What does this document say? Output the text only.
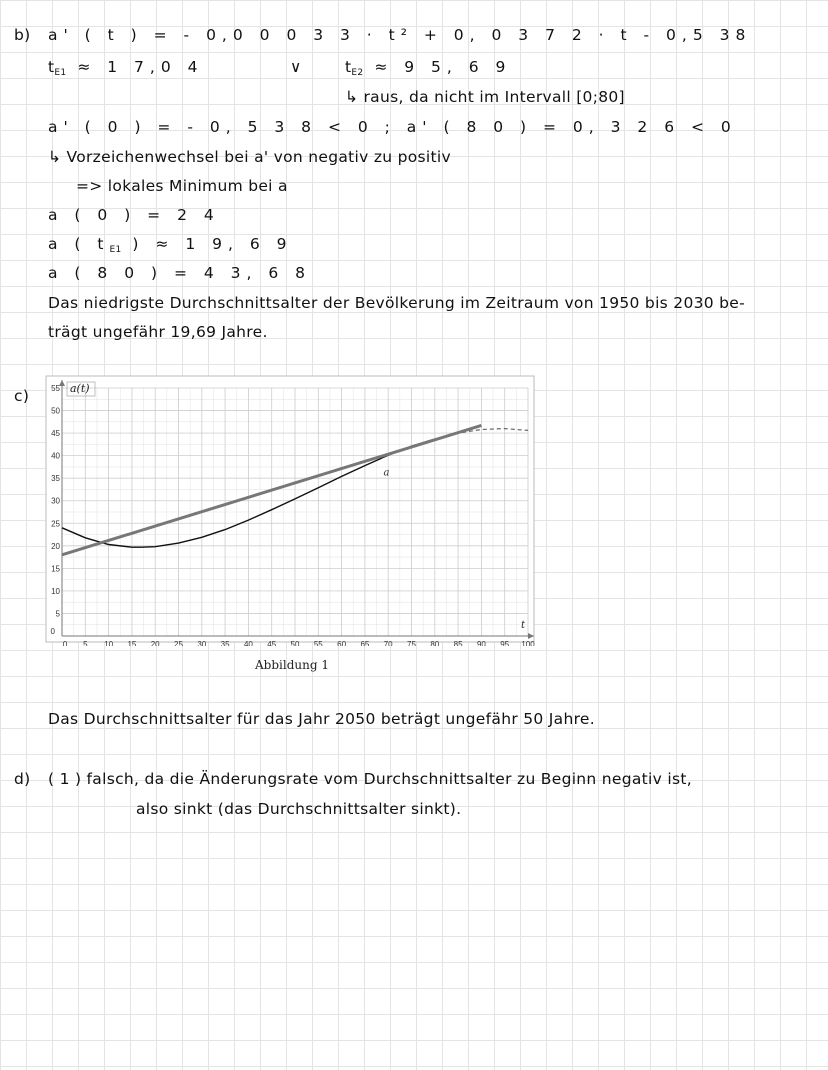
b) a' ( t ) = - 0,0 0 0 3 3 · t² + 0, 0 3 7 2 · t - 0,5 38
$t_{E1} \approx 1$ 7,0 4	∨	$t_{E2} \approx 9$ 5, 6 9
↳ raus, da nicht im Intervall [0;80]
a' ( 0 ) = - 0, 5 3 8 < 0 ; a' ( 8 0 ) = 0, 3 2 6 < 0
↳ Vorzeichenwechsel bei a' von negativ zu positiv
=> lokales Minimum bei a
a ( 0 ) = 2 4
a ( $t_{E1}$ ) ≈ 1 9, 6 9
a ( 8 0 ) = 4 3, 6 8
Das niedrigste Durchschnittsalter der Bevölkerung im Zeitraum von 1950 bis 2030 be-
trägt ungefähr 19,69 Jahre.
c)
0 5 10 15 20 25 30 35 40 45 50 55 60 65 70 75 80 85 90 95 100
0
5
10
15
20
25
30
35
40
45
50
55 a(t)
t
a
Abbildung 1
Das Durchschnittsalter für das Jahr 2050 beträgt ungefähr 50 Jahre.
d) ( 1 ) falsch, da die Änderungsrate vom Durchschnittsalter zu Beginn negativ ist,
also sinkt (das Durchschnittsalter sinkt).
